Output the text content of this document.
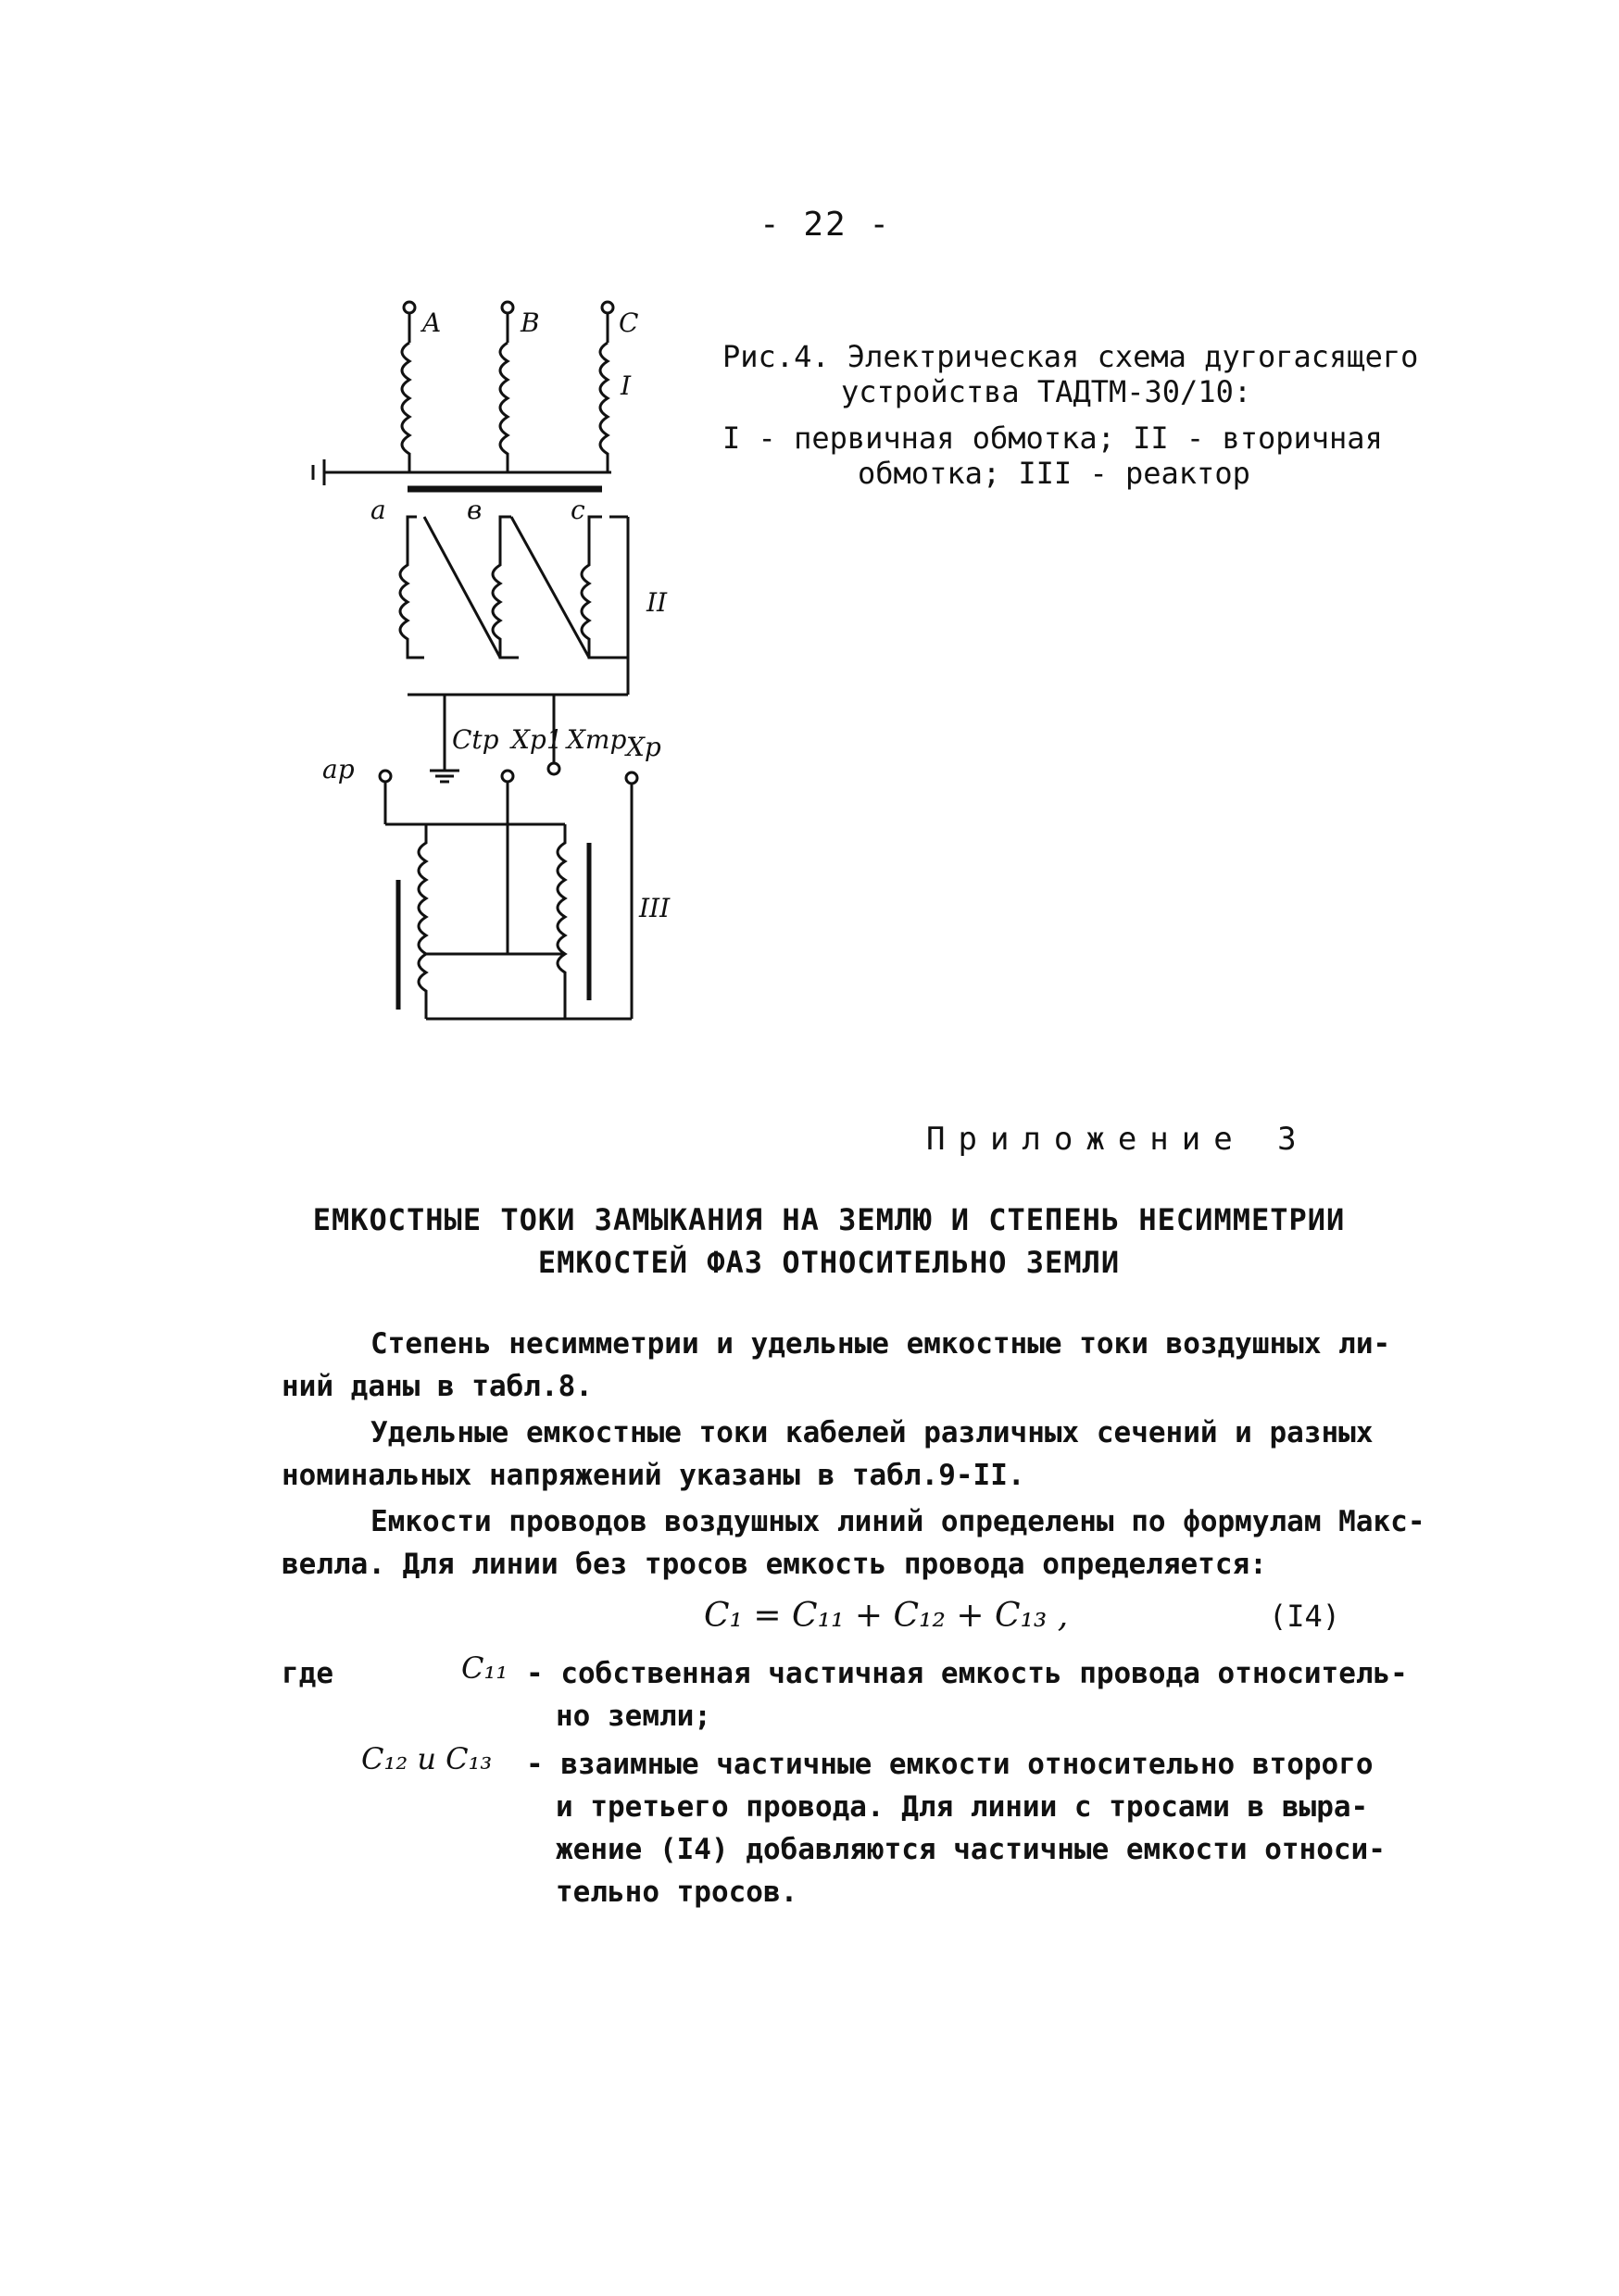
- 22 -
A	B	C
I
a	в	с
II
Ctp Xp1 Xтp Xp
ap
III
Рис.4. Электрическая схема дугогасящего
устройства ТАДТМ-30/10:
I - первичная обмотка; II - вторичная
обмотка; III - реактор
Приложение 3
ЕМКОСТНЫЕ ТОКИ ЗАМЫКАНИЯ НА ЗЕМЛЮ И СТЕПЕНЬ НЕСИММЕТРИИ
ЕМКОСТЕЙ ФАЗ ОТНОСИТЕЛЬНО ЗЕМЛИ
Степень несимметрии и удельные емкостные токи воздушных ли-
ний даны в табл.8.
Удельные емкостные токи кабелей различных сечений и разных
номинальных напряжений указаны в табл.9-II.
Емкости проводов воздушных линий определены по формулам Макс-
велла. Для линии без тросов емкость провода определяется:
C₁ = C₁₁ + C₁₂ + C₁₃ ,	(I4)
где	C₁₁ - собственная частичная емкость провода относитель-
но земли;
C₁₂ и C₁₃ - взаимные частичные емкости относительно второго
и третьего провода. Для линии с тросами в выра-
жение (I4) добавляются частичные емкости относи-
тельно тросов.
